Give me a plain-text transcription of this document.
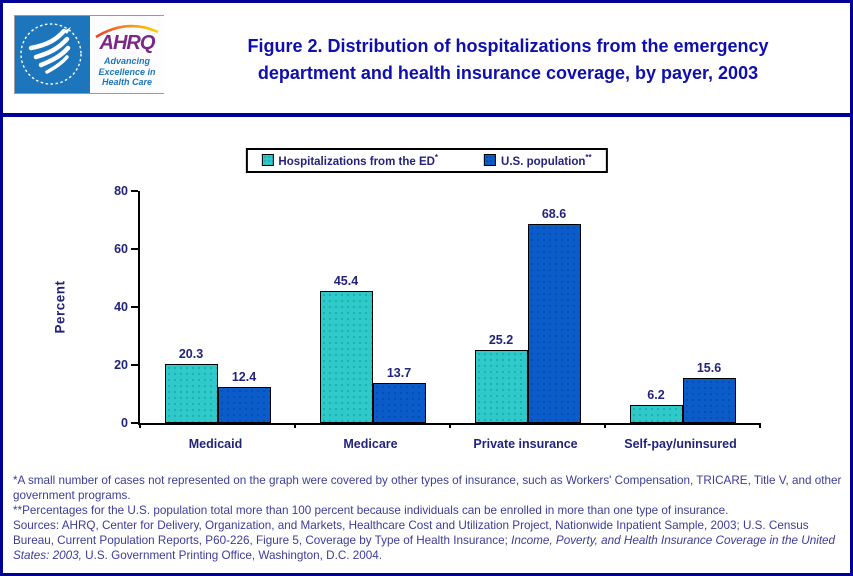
AHRQ
Advancing Excellence in Health Care
Figure 2. Distribution of hospitalizations from the emergency
department and health insurance coverage, by payer, 2003
Hospitalizations from the ED*	U.S. population**
Percent
0
20
40
60
80
20.3
12.4
45.4
13.7
25.2
68.6
6.2
15.6
Medicaid	Medicare	Private insurance	Self-pay/uninsured
*A small number of cases not represented on the graph were covered by other types of insurance, such as Workers' Compensation, TRICARE, Title V, and other government programs.
**Percentages for the U.S. population total more than 100 percent because individuals can be enrolled in more than one type of insurance.
Sources: AHRQ, Center for Delivery, Organization, and Markets, Healthcare Cost and Utilization Project, Nationwide Inpatient Sample, 2003; U.S. Census Bureau, Current Population Reports, P60-226, Figure 5, Coverage by Type of Health Insurance; Income, Poverty, and Health Insurance Coverage in the United States: 2003, U.S. Government Printing Office, Washington, D.C. 2004.
